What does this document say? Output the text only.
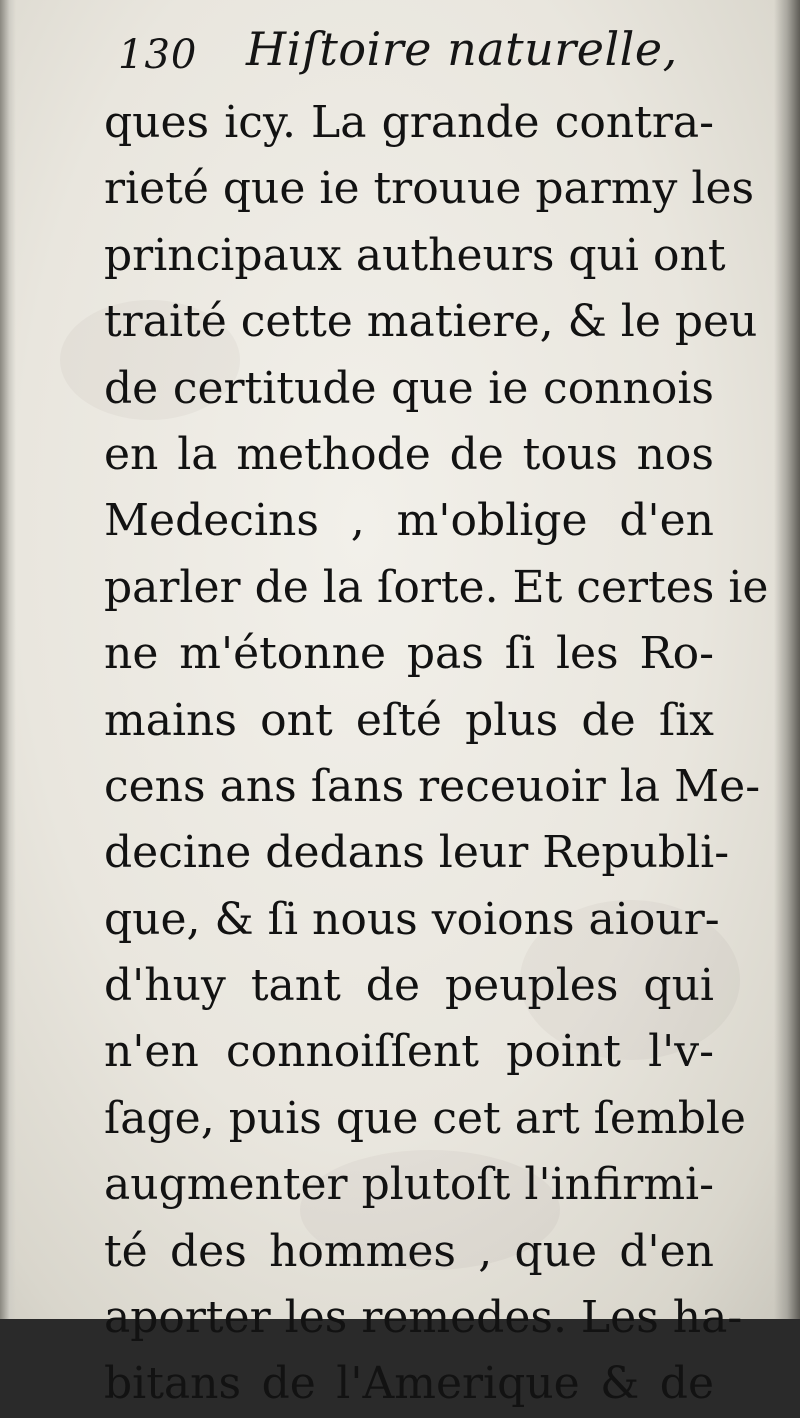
130 Hiſtoire naturelle,
ques icy. La grande contra-
rieté que ie trouue parmy les
principaux autheurs qui ont
traité cette matiere, & le peu
de certitude que ie connois
en la methode de tous nos
Medecins , m'oblige d'en
parler de la ſorte. Et certes ie
ne m'étonne pas ſi les Ro-
mains ont eſté plus de ſix
cens ans ſans receuoir la Me-
decine dedans leur Republi-
que, & ſi nous voions aiour-
d'huy tant de peuples qui
n'en connoiſſent point l'v-
ſage, puis que cet art ſemble
augmenter plutoſt l'infirmi-
té des hommes , que d'en
aporter les remedes. Les ha-
bitans de l'Amerique & de
